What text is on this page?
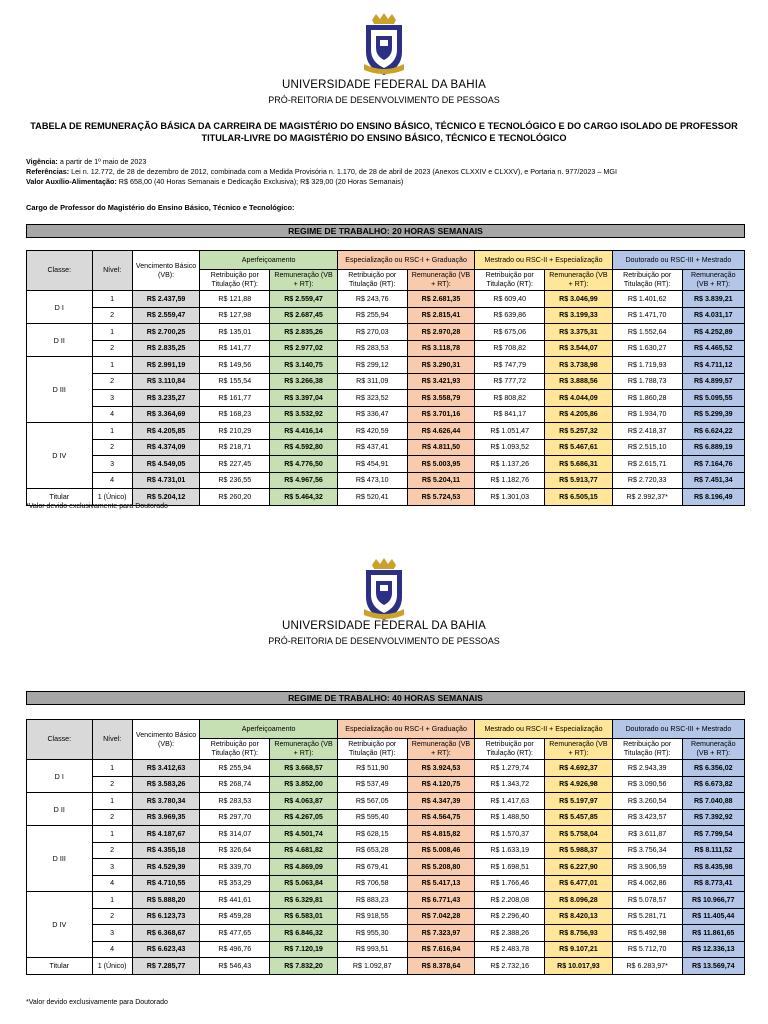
UNIVERSIDADE FEDERAL DA BAHIA
PRÓ-REITORIA DE DESENVOLVIMENTO DE PESSOAS
TABELA DE REMUNERAÇÃO BÁSICA DA CARREIRA DE MAGISTÉRIO DO ENSINO BÁSICO, TÉCNICO E TECNOLÓGICO E DO CARGO ISOLADO DE PROFESSOR TITULAR-LIVRE DO MAGISTÉRIO DO ENSINO BÁSICO, TÉCNICO E TECNOLÓGICO
Vigência: a partir de 1º maio de 2023
Referências: Lei n. 12.772, de 28 de dezembro de 2012, combinada com a Medida Provisória n. 1.170, de 28 de abril de 2023 (Anexos CLXXIV e CLXXV), e Portaria n. 977/2023 – MGI
Valor Auxílio-Alimentação: R$ 658,00 (40 Horas Semanais e Dedicação Exclusiva); R$ 329,00 (20 Horas Semanais)
Cargo de Professor do Magistério do Ensino Básico, Técnico e Tecnológico:
REGIME DE TRABALHO: 20 HORAS SEMANAIS
Classe:	Nível:	Vencimento Básico (VB):	Aperfeiçoamento		Especialização ou RSC-I + Graduação		Mestrado ou RSC-II + Especialização		Doutorado ou RSC-III + Mestrado	
			Retribuição por Titulação (RT):	Remuneração (VB + RT):	Retribuição por Titulação (RT):	Remuneração (VB + RT):	Retribuição por Titulação (RT):	Remuneração (VB + RT):	Retribuição por Titulação (RT):	Remuneração (VB + RT):
D I	1	R$ 2.437,59	R$ 121,88	R$ 2.559,47	R$ 243,76	R$ 2.681,35	R$ 609,40	R$ 3.046,99	R$ 1.401,62	R$ 3.839,21
	2	R$ 2.559,47	R$ 127,98	R$ 2.687,45	R$ 255,94	R$ 2.815,41	R$ 639,86	R$ 3.199,33	R$ 1.471,70	R$ 4.031,17
D II	1	R$ 2.700,25	R$ 135,01	R$ 2.835,26	R$ 270,03	R$ 2.970,28	R$ 675,06	R$ 3.375,31	R$ 1.552,64	R$ 4.252,89
	2	R$ 2.835,25	R$ 141,77	R$ 2.977,02	R$ 283,53	R$ 3.118,78	R$ 708,82	R$ 3.544,07	R$ 1.630,27	R$ 4.465,52
D III	1	R$ 2.991,19	R$ 149,56	R$ 3.140,75	R$ 299,12	R$ 3.290,31	R$ 747,79	R$ 3.738,98	R$ 1.719,93	R$ 4.711,12
	2	R$ 3.110,84	R$ 155,54	R$ 3.266,38	R$ 311,09	R$ 3.421,93	R$ 777,72	R$ 3.888,56	R$ 1.788,73	R$ 4.899,57
	3	R$ 3.235,27	R$ 161,77	R$ 3.397,04	R$ 323,52	R$ 3.558,79	R$ 808,82	R$ 4.044,09	R$ 1.860,28	R$ 5.095,55
	4	R$ 3.364,69	R$ 168,23	R$ 3.532,92	R$ 336,47	R$ 3.701,16	R$ 841,17	R$ 4.205,86	R$ 1.934,70	R$ 5.299,39
D IV	1	R$ 4.205,85	R$ 210,29	R$ 4.416,14	R$ 420,59	R$ 4.626,44	R$ 1.051,47	R$ 5.257,32	R$ 2.418,37	R$ 6.624,22
	2	R$ 4.374,09	R$ 218,71	R$ 4.592,80	R$ 437,41	R$ 4.811,50	R$ 1.093,52	R$ 5.467,61	R$ 2.515,10	R$ 6.889,19
	3	R$ 4.549,05	R$ 227,45	R$ 4.776,50	R$ 454,91	R$ 5.003,95	R$ 1.137,26	R$ 5.686,31	R$ 2.615,71	R$ 7.164,76
	4	R$ 4.731,01	R$ 236,55	R$ 4.967,56	R$ 473,10	R$ 5.204,11	R$ 1.182,76	R$ 5.913,77	R$ 2.720,33	R$ 7.451,34
Titular	1 (Único)	R$ 5.204,12	R$ 260,20	R$ 5.464,32	R$ 520,41	R$ 5.724,53	R$ 1.301,03	R$ 6.505,15	R$ 2.992,37*	R$ 8.196,49
*Valor devido exclusivamente para Doutorado
UNIVERSIDADE FEDERAL DA BAHIA
PRÓ-REITORIA DE DESENVOLVIMENTO DE PESSOAS
REGIME DE TRABALHO: 40 HORAS SEMANAIS
Classe:	Nível:	Vencimento Básico (VB):	Aperfeiçoamento		Especialização ou RSC-I + Graduação		Mestrado ou RSC-II + Especialização		Doutorado ou RSC-III + Mestrado	
			Retribuição por Titulação (RT):	Remuneração (VB + RT):	Retribuição por Titulação (RT):	Remuneração (VB + RT):	Retribuição por Titulação (RT):	Remuneração (VB + RT):	Retribuição por Titulação (RT):	Remuneração (VB + RT):
D I	1	R$ 3.412,63	R$ 255,94	R$ 3.668,57	R$ 511,90	R$ 3.924,53	R$ 1.279,74	R$ 4.692,37	R$ 2.943,39	R$ 6.356,02
	2	R$ 3.583,26	R$ 268,74	R$ 3.852,00	R$ 537,49	R$ 4.120,75	R$ 1.343,72	R$ 4.926,98	R$ 3.090,56	R$ 6.673,82
D II	1	R$ 3.780,34	R$ 283,53	R$ 4.063,87	R$ 567,05	R$ 4.347,39	R$ 1.417,63	R$ 5.197,97	R$ 3.260,54	R$ 7.040,88
	2	R$ 3.969,35	R$ 297,70	R$ 4.267,05	R$ 595,40	R$ 4.564,75	R$ 1.488,50	R$ 5.457,85	R$ 3.423,57	R$ 7.392,92
D III	1	R$ 4.187,67	R$ 314,07	R$ 4.501,74	R$ 628,15	R$ 4.815,82	R$ 1.570,37	R$ 5.758,04	R$ 3.611,87	R$ 7.799,54
	2	R$ 4.355,18	R$ 326,64	R$ 4.681,82	R$ 653,28	R$ 5.008,46	R$ 1.633,19	R$ 5.988,37	R$ 3.756,34	R$ 8.111,52
	3	R$ 4.529,39	R$ 339,70	R$ 4.869,09	R$ 679,41	R$ 5.208,80	R$ 1.698,51	R$ 6.227,90	R$ 3.906,59	R$ 8.435,98
	4	R$ 4.710,55	R$ 353,29	R$ 5.063,84	R$ 706,58	R$ 5.417,13	R$ 1.766,46	R$ 6.477,01	R$ 4.062,86	R$ 8.773,41
D IV	1	R$ 5.888,20	R$ 441,61	R$ 6.329,81	R$ 883,23	R$ 6.771,43	R$ 2.208,08	R$ 8.096,28	R$ 5.078,57	R$ 10.966,77
	2	R$ 6.123,73	R$ 459,28	R$ 6.583,01	R$ 918,55	R$ 7.042,28	R$ 2.296,40	R$ 8.420,13	R$ 5.281,71	R$ 11.405,44
	3	R$ 6.368,67	R$ 477,65	R$ 6.846,32	R$ 955,30	R$ 7.323,97	R$ 2.388,26	R$ 8.756,93	R$ 5.492,98	R$ 11.861,65
	4	R$ 6.623,43	R$ 496,76	R$ 7.120,19	R$ 993,51	R$ 7.616,94	R$ 2.483,78	R$ 9.107,21	R$ 5.712,70	R$ 12.336,13
Titular	1 (Único)	R$ 7.285,77	R$ 546,43	R$ 7.832,20	R$ 1.092,87	R$ 8.378,64	R$ 2.732,16	R$ 10.017,93	R$ 6.283,97*	R$ 13.569,74
*Valor devido exclusivamente para Doutorado
